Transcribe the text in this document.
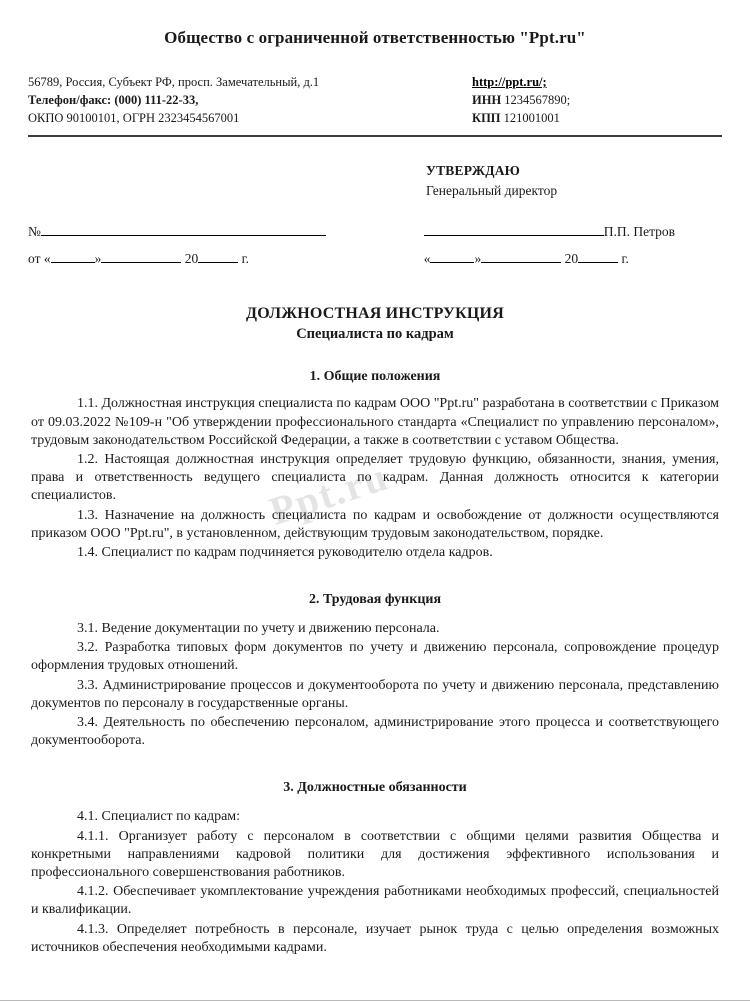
Ppt.ru
Общество с ограниченной ответственностью "Ppt.ru"
56789, Россия, Субъект РФ, просп. Замечательный, д.1
Телефон/факс: (000) 111-22-33,
ОКПО 90100101, ОГРН 2323454567001
http://ppt.ru/;
ИНН 1234567890;
КПП 121001001
УТВЕРЖДАЮ
Генеральный директор
№
от «	»	20	г.
П.П. Петров
«	»	20	г.
ДОЛЖНОСТНАЯ ИНСТРУКЦИЯ
Специалиста по кадрам
1. Общие положения

1.1. Должностная инструкция специалиста по кадрам ООО "Ppt.ru" разработана в соответствии с Приказом от 09.03.2022 №109-н "Об утверждении профессионального стандарта «Специалист по управлению персоналом», трудовым законодательством Российской Федерации, а также в соответствии с уставом Общества.

1.2. Настоящая должностная инструкция определяет трудовую функцию, обязанности, знания, умения, права и ответственность ведущего специалиста по кадрам. Данная должность относится к категории специалистов.

1.3. Назначение на должность специалиста по кадрам и освобождение от должности осуществляются приказом ООО "Ppt.ru", в установленном, действующим трудовым законодательством, порядке.

1.4. Специалист по кадрам подчиняется руководителю отдела кадров.

2. Трудовая функция

3.1. Ведение документации по учету и движению персонала.

3.2. Разработка типовых форм документов по учету и движению персонала, сопровождение процедур оформления трудовых отношений.

3.3. Администрирование процессов и документооборота по учету и движению персонала, представлению документов по персоналу в государственные органы.

3.4. Деятельность по обеспечению персоналом, администрирование этого процесса и соответствующего документооборота.

3. Должностные обязанности

4.1. Специалист по кадрам:

4.1.1. Организует работу с персоналом в соответствии с общими целями развития Общества и конкретными направлениями кадровой политики для достижения эффективного использования и профессионального совершенствования работников.

4.1.2. Обеспечивает укомплектование учреждения работниками необходимых профессий, специальностей и квалификации.

4.1.3. Определяет потребность в персонале, изучает рынок труда с целью определения возможных источников обеспечения необходимыми кадрами.
